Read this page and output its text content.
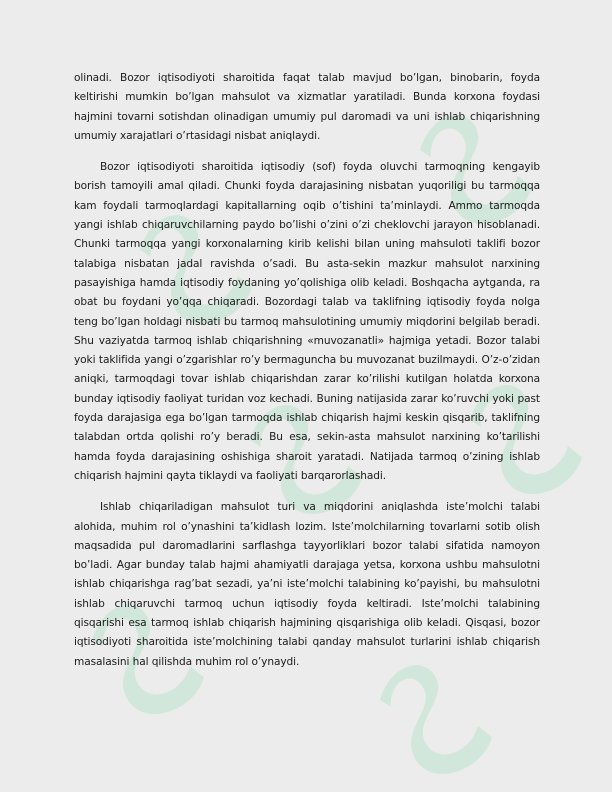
olinadi. Bozor iqtisodiyoti sharoitida faqat talab mavjud bo’lgan, binobarin, foyda keltirishi mumkin bo’lgan mahsulot va xizmatlar yaratiladi. Bunda korxona foydasi hajmini tovarni sotishdan olinadigan umumiy pul daromadi va uni ishlab chiqarishning umumiy xarajatlari o’rtasidagi nisbat aniqlaydi.

Bozor iqtisodiyoti sharoitida iqtisodiy (sof) foyda oluvchi tarmoqning kengayib borish tamoyili amal qiladi. Chunki foyda darajasining nisbatan yuqoriligi bu tarmoqqa kam foydali tarmoqlardagi kapitallarning oqib o’tishini ta’minlaydi. Ammo tarmoqda yangi ishlab chiqaruvchilarning paydo bo’lishi o’zini o’zi cheklovchi jarayon hisoblanadi. Chunki tarmoqqa yangi korxonalarning kirib kelishi bilan uning mahsuloti taklifi bozor talabiga nisbatan jadal ravishda o’sadi. Bu asta-sekin mazkur mahsulot narxining pasayishiga hamda iqtisodiy foydaning yo’qolishiga olib keladi. Boshqacha aytganda, ra obat bu foydani yo’qqa chiqaradi. Bozordagi talab va taklifning iqtisodiy foyda nolga teng bo’lgan holdagi nisbati bu tarmoq mahsulotining umumiy miqdorini belgilab beradi. Shu vaziyatda tarmoq ishlab chiqarishning «muvozanatli» hajmiga yetadi. Bozor talabi yoki taklifida yangi o’zgarishlar ro’y bermaguncha bu muvozanat buzilmaydi. O’z-o’zidan aniqki, tarmoqdagi tovar ishlab chiqarishdan zarar ko’rilishi kutilgan holatda korxona bunday iqtisodiy faoliyat turidan voz kechadi. Buning natijasida zarar ko’ruvchi yoki past foyda darajasiga ega bo’lgan tarmoqda ishlab chiqarish hajmi keskin qisqarib, taklifning talabdan ortda qolishi ro’y beradi. Bu esa, sekin-asta mahsulot narxining ko’tarilishi hamda foyda darajasining oshishiga sharoit yaratadi. Natijada tarmoq o’zining ishlab chiqarish hajmini qayta tiklaydi va faoliyati barqarorlashadi.

Ishlab chiqariladigan mahsulot turi va miqdorini aniqlashda iste’molchi talabi alohida, muhim rol o’ynashini ta’kidlash lozim. Iste’molchilarning tovarlarni sotib olish maqsadida pul daromadlarini sarflashga tayyorliklari bozor talabi sifatida namoyon bo’ladi. Agar bunday talab hajmi ahamiyatli darajaga yetsa, korxona ushbu mahsulotni ishlab chiqarishga rag’bat sezadi, ya’ni iste’molchi talabining ko’payishi, bu mahsulotni ishlab chiqaruvchi tarmoq uchun iqtisodiy foyda keltiradi. Iste’molchi talabining qisqarishi esa tarmoq ishlab chiqarish hajmining qisqarishiga olib keladi. Qisqasi, bozor iqtisodiyoti sharoitida iste’molchining talabi qanday mahsulot turlarini ishlab chiqarish masalasini hal qilishda muhim rol o’ynaydi.
